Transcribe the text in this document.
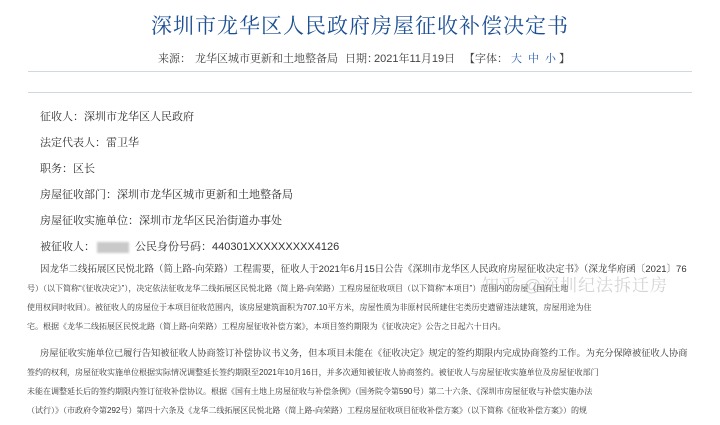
深圳市龙华区人民政府房屋征收补偿决定书
来源： 龙华区城市更新和土地整备局 日期：
2021年11月19日 【字体： 大 中 小 】
征收人：深圳市龙华区人民政府
法定代表人：雷卫华
职务：区长
房屋征收部门：深圳市龙华区城市更新和土地整备局
房屋征收实施单位：深圳市龙华区民治街道办事处
被征收人：	公民身份号码：440301XXXXXXXXX4126

因龙华二线拓展区民悦北路（简上路-向荣路）工程需要，征收人于2021年6月15日公告《深圳市龙华区人民政府房屋征收决定书》（深龙华府函〔2021〕76

号）（以下简称“《征收决定》”），决定依法征收龙华二线拓展区民悦北路（简上路-向荣路）工程房屋征收项目（以下简称“本项目”）范围内的房屋（国有土地

使用权同时收回）。被征收人的房屋位于本项目征收范围内，该房屋建筑面积为707.10平方米，房屋性质为非原村民所建住宅类历史遗留违法建筑，房屋用途为住

宅。根据《龙华二线拓展区民悦北路（简上路-向荣路）工程房屋征收补偿方案》，本项目签约期限为《征收决定》公告之日起六十日内。

房屋征收实施单位已履行告知被征收人协商签订补偿协议书义务，但本项目未能在《征收决定》规定的签约期限内完成协商签约工作。为充分保障被征收人协商

签约的权利，房屋征收实施单位根据实际情况调整延长签约期限至2021年10月16日，并多次通知被征收人协商签约。被征收人与房屋征收实施单位及房屋征收部门

未能在调整延长后的签约期限内签订征收补偿协议。根据《国有土地上房屋征收与补偿条例》（国务院令第590号）第二十六条、《深圳市房屋征收与补偿实施办法

（试行）》（市政府令第292号）第四十六条及《龙华二线拓展区民悦北路（简上路-向荣路）工程房屋征收项目征收补偿方案》（以下简称《征收补偿方案》）的规

知乎 @深圳纪法拆迁房
